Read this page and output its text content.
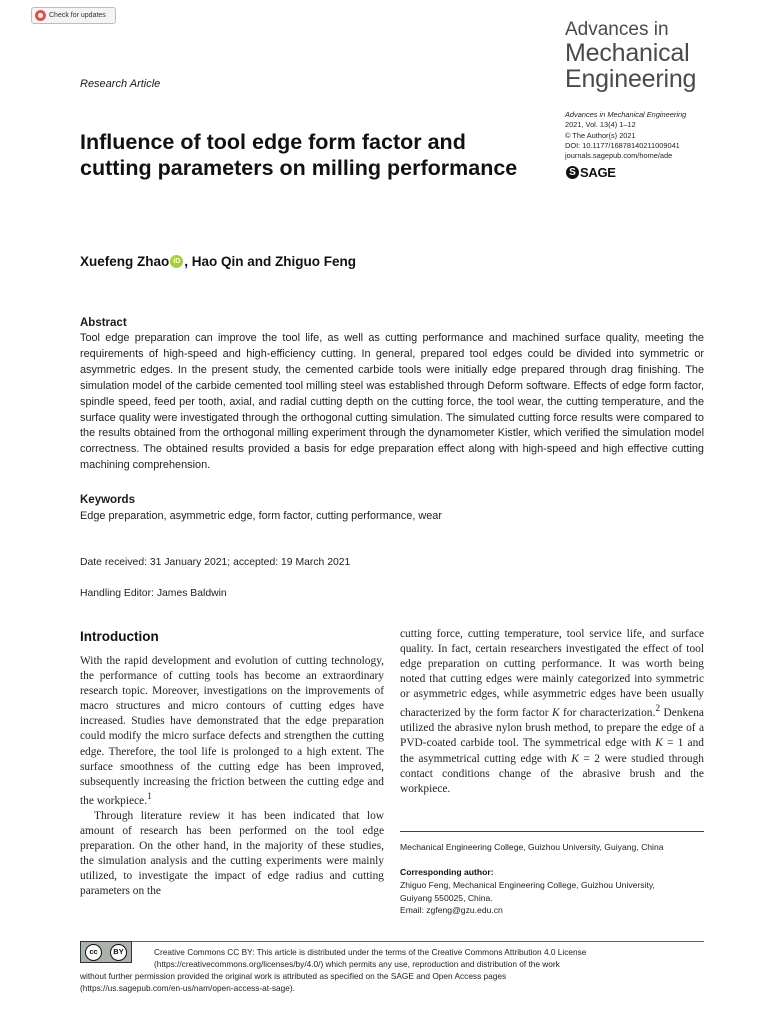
Check for updates
Advances in
Mechanical
Engineering
Research Article
Advances in Mechanical Engineering
2021, Vol. 13(4) 1–12
© The Author(s) 2021
DOI: 10.1177/16878140211009041
journals.sagepub.com/home/ade
S SAGE
Influence of tool edge form factor and cutting parameters on milling performance
Xuefeng Zhao iD , Hao Qin and Zhiguo Feng
Abstract

Tool edge preparation can improve the tool life, as well as cutting performance and machined surface quality, meeting the requirements of high-speed and high-efficiency cutting. In general, prepared tool edges could be divided into symmetric or asymmetric edges. In the present study, the cemented carbide tools were initially edge prepared through drag finishing. The simulation model of the carbide cemented tool milling steel was established through Deform software. Effects of edge form factor, spindle speed, feed per tooth, axial, and radial cutting depth on the cutting force, the tool wear, the cutting temperature, and the surface quality were investigated through the orthogonal cutting simulation. The simulated cutting force results were compared to the results obtained from the orthogonal milling experiment through the dynamometer Kistler, which verified the simulation model correctness. The obtained results provided a basis for edge preparation effect along with high-speed and high effective cutting machining comprehension.

Keywords
Edge preparation, asymmetric edge, form factor, cutting performance, wear
Date received: 31 January 2021; accepted: 19 March 2021
Handling Editor: James Baldwin
Introduction

With the rapid development and evolution of cutting technology, the performance of cutting tools has become an extraordinary research topic. Moreover, investigations on the improvements of macro structures and micro contours of cutting edges have increased. Studies have demonstrated that the edge preparation could modify the micro surface defects and strengthen the cutting edge. Therefore, the tool life is prolonged to a high extent. The surface smoothness of the cutting edge has been improved, subsequently increasing the friction between the cutting edge and the workpiece.$^1$

Through literature review it has been indicated that low amount of research has been performed on the tool edge preparation. On the other hand, in the majority of these studies, the simulation analysis and the cutting experiments were mainly utilized, to investigate the impact of edge radius and cutting parameters on the

cutting force, cutting temperature, tool service life, and surface quality. In fact, certain researchers investigated the effect of tool edge preparation on cutting performance. It was worth being noted that cutting edges were mainly categorized into symmetric or asymmetric edges, while asymmetric edges have been usually characterized by the form factor K for characterization.$^2$ Denkena utilized the abrasive nylon brush method, to prepare the edge of a PVD-coated carbide tool. The symmetrical edge with K = 1 and the asymmetrical cutting edge with K = 2 were studied through contact conditions change of the abrasive brush and the workpiece.

Mechanical Engineering College, Guizhou University, Guiyang, China
Corresponding author:
Zhiguo Feng, Mechanical Engineering College, Guizhou University,
Guiyang 550025, China.
Email: zgfeng@gzu.edu.cn
cc	BY	Creative Commons CC BY: This article is distributed under the terms of the Creative Commons Attribution 4.0 License
(https://creativecommons.org/licenses/by/4.0/) which permits any use, reproduction and distribution of the work
without further permission provided the original work is attributed as specified on the SAGE and Open Access pages
(https://us.sagepub.com/en-us/nam/open-access-at-sage).
